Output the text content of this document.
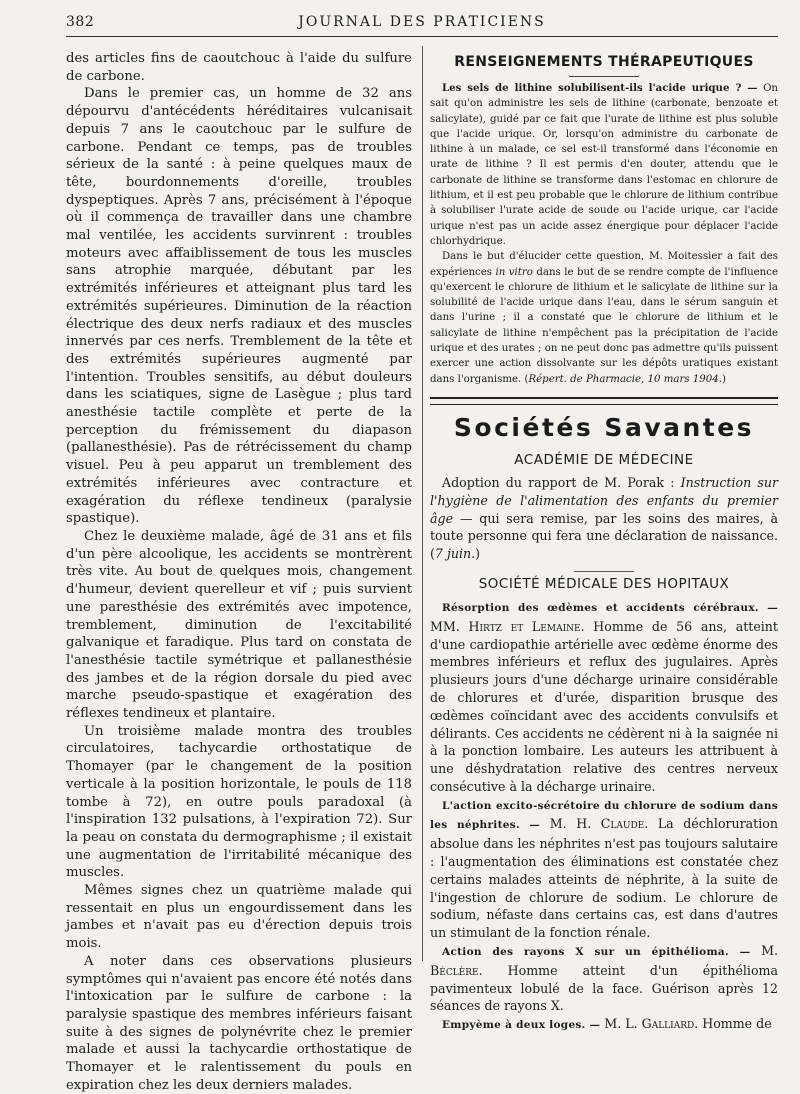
382	JOURNAL DES PRATICIENS

des articles fins de caoutchouc à l'aide du sulfure de carbone.

Dans le premier cas, un homme de 32 ans dépourvu d'antécédents héréditaires vulcanisait depuis 7 ans le caoutchouc par le sulfure de carbone. Pendant ce temps, pas de troubles sérieux de la santé : à peine quelques maux de tête, bourdonnements d'oreille, troubles dyspeptiques. Après 7 ans, précisément à l'époque où il commença de travailler dans une chambre mal ventilée, les accidents survinrent : troubles moteurs avec affaiblissement de tous les muscles sans atrophie marquée, débutant par les extrémités inférieures et atteignant plus tard les extrémités supérieures. Diminution de la réaction électrique des deux nerfs radiaux et des muscles innervés par ces nerfs. Tremblement de la tête et des extrémités supérieures augmenté par l'intention. Troubles sensitifs, au début douleurs dans les sciatiques, signe de Lasègue ; plus tard anesthésie tactile complète et perte de la perception du frémissement du diapason (pallanesthésie). Pas de rétrécissement du champ visuel. Peu à peu apparut un tremblement des extrémités inférieures avec contracture et exagération du réflexe tendineux (paralysie spastique).

Chez le deuxième malade, âgé de 31 ans et fils d'un père alcoolique, les accidents se montrèrent très vite. Au bout de quelques mois, changement d'humeur, devient querelleur et vif ; puis survient une paresthésie des extrémités avec impotence, tremblement, diminution de l'excitabilité galvanique et faradique. Plus tard on constata de l'anesthésie tactile symétrique et pallanesthésie des jambes et de la région dorsale du pied avec marche pseudo-spastique et exagération des réflexes tendineux et plantaire.

Un troisième malade montra des troubles circulatoires, tachycardie orthostatique de Thomayer (par le changement de la position verticale à la position horizontale, le pouls de 118 tombe à 72), en outre pouls paradoxal (à l'inspiration 132 pulsations, à l'expiration 72). Sur la peau on constata du dermographisme ; il existait une augmentation de l'irritabilité mécanique des muscles.

Mêmes signes chez un quatrième malade qui ressentait en plus un engourdissement dans les jambes et n'avait pas eu d'érection depuis trois mois.

A noter dans ces observations plusieurs symptômes qui n'avaient pas encore été notés dans l'intoxication par le sulfure de carbone : la paralysie spastique des membres inférieurs faisant suite à des signes de polynévrite chez le premier malade et aussi la tachycardie orthostatique de Thomayer et le ralentissement du pouls en expiration chez les deux derniers malades.

RENSEIGNEMENTS THÉRAPEUTIQUES

Les sels de lithine solubilisent-ils l'acide urique ? — On sait qu'on administre les sels de lithine (carbonate, benzoate et salicylate), guidé par ce fait que l'urate de lithine est plus soluble que l'acide urique. Or, lorsqu'on administre du carbonate de lithine à un malade, ce sel est-il transformé dans l'économie en urate de lithine ? Il est permis d'en douter, attendu que le carbonate de lithine se transforme dans l'estomac en chlorure de lithium, et il est peu probable que le chlorure de lithium contribue à solubiliser l'urate acide de soude ou l'acide urique, car l'acide urique n'est pas un acide assez énergique pour déplacer l'acide chlorhydrique.

Dans le but d'élucider cette question, M. Moitessier a fait des expériences in vitro dans le but de se rendre compte de l'influence qu'exercent le chlorure de lithium et le salicylate de lithine sur la solubilité de l'acide urique dans l'eau, dans le sérum sanguin et dans l'urine ; il a constaté que le chlorure de lithium et le salicylate de lithine n'empêchent pas la précipitation de l'acide urique et des urates ; on ne peut donc pas admettre qu'ils puissent exercer une action dissolvante sur les dépôts uratiques existant dans l'organisme. (Répert. de Pharmacie, 10 mars 1904.)

Sociétés Savantes
ACADÉMIE DE MÉDECINE

Adoption du rapport de M. Porak : Instruction sur l'hygiène de l'alimentation des enfants du premier âge — qui sera remise, par les soins des maires, à toute personne qui fera une déclaration de naissance. (7 juin.)

SOCIÉTÉ MÉDICALE DES HOPITAUX

Résorption des œdèmes et accidents cérébraux. — MM. Hirtz et Lemaine. Homme de 56 ans, atteint d'une cardiopathie artérielle avec œdème énorme des membres inférieurs et reflux des jugulaires. Après plusieurs jours d'une décharge urinaire considérable de chlorures et d'urée, disparition brusque des œdèmes coïncidant avec des accidents convulsifs et délirants. Ces accidents ne cédèrent ni à la saignée ni à la ponction lombaire. Les auteurs les attribuent à une déshydratation relative des centres nerveux consécutive à la décharge urinaire.

L'action excito-sécrétoire du chlorure de sodium dans les néphrites. — M. H. Claude. La déchloruration absolue dans les néphrites n'est pas toujours salutaire : l'augmentation des éliminations est constatée chez certains malades atteints de néphrite, à la suite de l'ingestion de chlorure de sodium. Le chlorure de sodium, néfaste dans certains cas, est dans d'autres un stimulant de la fonction rénale.

Action des rayons X sur un épithélioma. — M. Béclère. Homme atteint d'un épithélioma pavimenteux lobulé de la face. Guérison après 12 séances de rayons X.

Empyème à deux loges. — M. L. Galliard. Homme de
